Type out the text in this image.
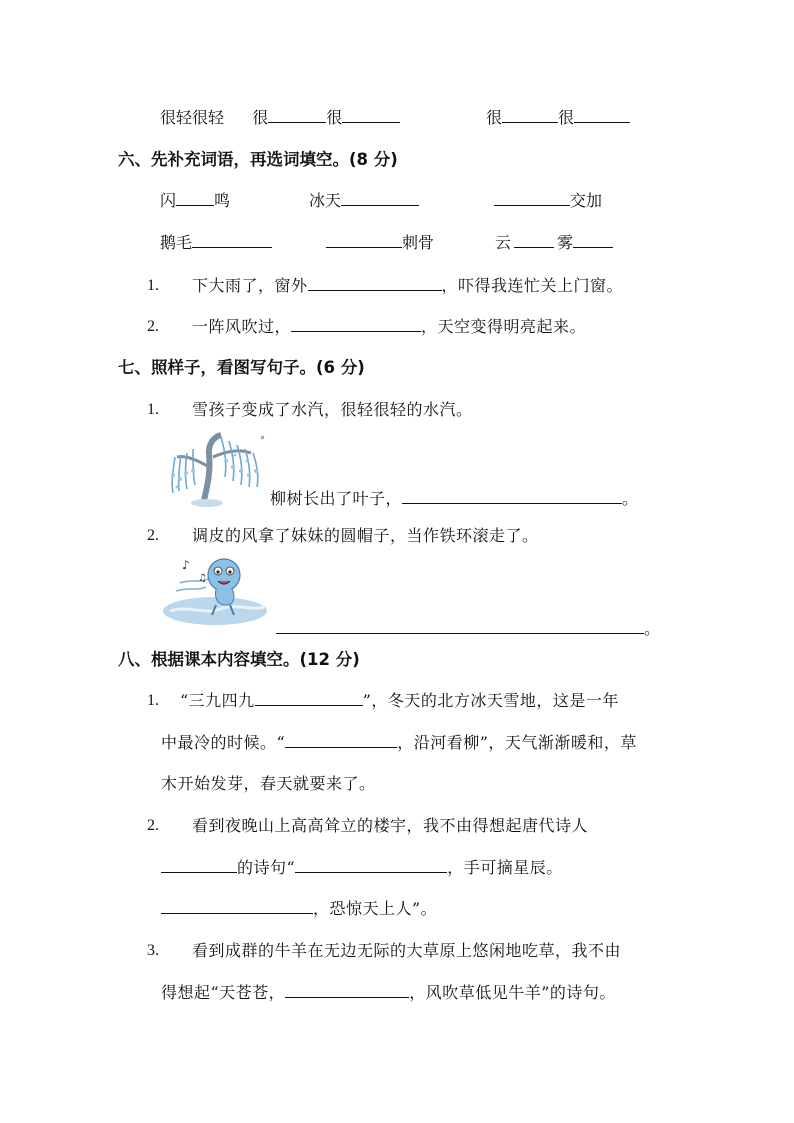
很轻很轻 很	很	很	很
六、先补充词语，再选词填空。(8 分)
闪 鸣	冰天	交加
鹅毛	刺骨	云	雾
1. 下大雨了，窗外	，吓得我连忙关上门窗。
2. 一阵风吹过，	，天空变得明亮起来。
七、照样子，看图写句子。(6 分)
1. 雪孩子变成了水汽，很轻很轻的水汽。
柳树长出了叶子，	。
2. 调皮的风拿了妹妹的圆帽子，当作铁环滚走了。
♪
♫
。
八、根据课本内容填空。(12 分)
1. “三九四九	”，冬天的北方冰天雪地，这是一年
中最冷的时候。“	，沿河看柳”，天气渐渐暖和，草
木开始发芽，春天就要来了。
2. 看到夜晚山上高高耸立的楼宇，我不由得想起唐代诗人
的诗句“	，手可摘星辰。
，恐惊天上人”。
3. 看到成群的牛羊在无边无际的大草原上悠闲地吃草，我不由
得想起“天苍苍，	，风吹草低见牛羊”的诗句。
